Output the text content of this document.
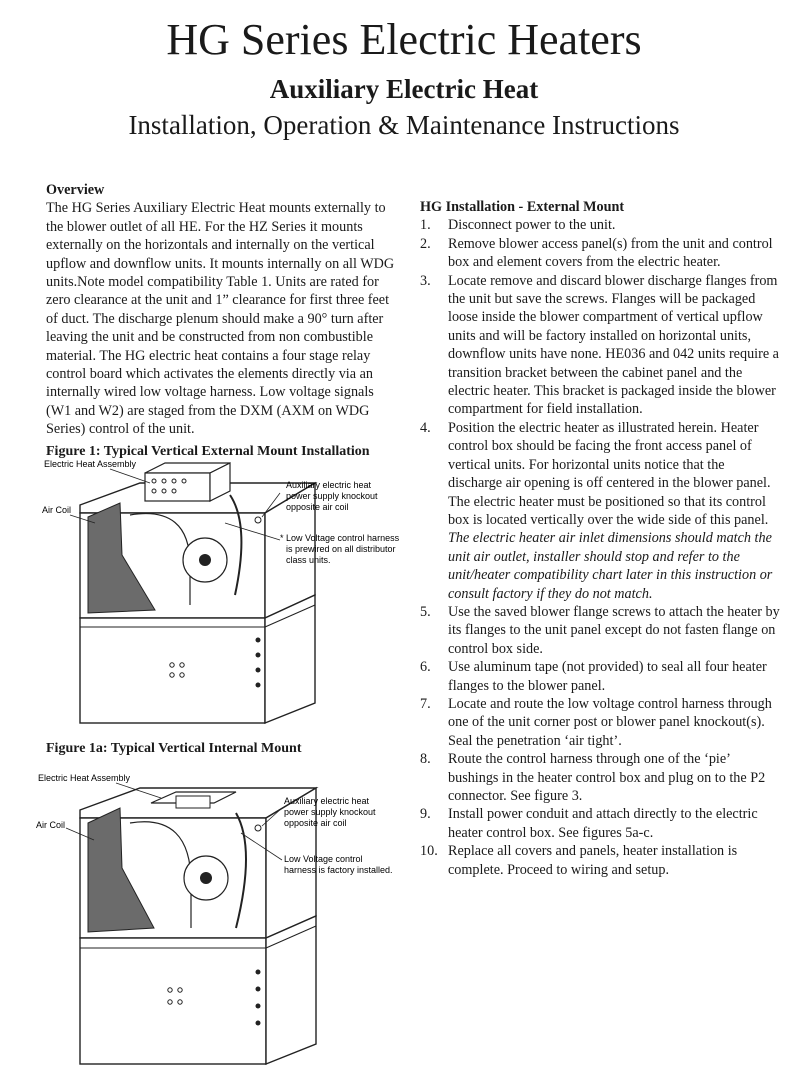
HG Series Electric Heaters
Auxiliary Electric Heat
Installation, Operation & Maintenance Instructions

Overview

The HG Series Auxiliary Electric Heat mounts externally to the blower outlet of all HE. For the HZ Series it mounts externally on the horizontals and internally on the vertical upflow and downflow units. It mounts internally on all WDG units.Note model compatibility Table 1. Units are rated for zero clearance at the unit and 1” clearance for first three feet of duct. The discharge plenum should make a 90° turn after leaving the unit and be constructed from non combustible material. The HG electric heat contains a four stage relay control board which activates the elements directly via an internally wired low voltage harness. Low voltage signals (W1 and W2) are staged from the DXM (AXM on WDG Series) control of the unit.

Figure 1: Typical Vertical External Mount Installation

Electric Heat Assembly
Air Coil
Auxiliary electric heat
power supply knockout
opposite air coil
* Low Voltage control harness
is prewired on all distributor
class units.

Figure 1a: Typical Vertical Internal Mount

Electric Heat Assembly
Air Coil
Auxiliary electric heat
power supply knockout
opposite air coil
Low Voltage control
harness is factory installed.

HG Installation - External Mount

1. Disconnect power to the unit.
2. Remove blower access panel(s) from the unit and control box and element covers from the electric heater.
3. Locate remove and discard blower discharge flanges from the unit but save the screws. Flanges will be packaged loose inside the blower compartment of vertical upflow units and will be factory installed on horizontal units, downflow units have none. HE036 and 042 units require a transition bracket between the cabinet panel and the electric heater. This bracket is packaged inside the blower compartment for field installation.
4. Position the electric heater as illustrated herein. Heater control box should be facing the front access panel of vertical units. For horizontal units notice that the discharge air opening is off centered in the blower panel. The electric heater must be positioned so that its control box is located vertically over the wide side of this panel.
The electric heater air inlet dimensions should match the unit air outlet, installer should stop and refer to the unit/heater compatibility chart later in this instruction or consult factory if they do not match.
5. Use the saved blower flange screws to attach the heater by its flanges to the unit panel except do not fasten flange on control box side.
6. Use aluminum tape (not provided) to seal all four heater flanges to the blower panel.
7. Locate and route the low voltage control harness through one of the unit corner post or blower panel knockout(s). Seal the penetration ‘air tight’.
8. Route the control harness through one of the ‘pie’ bushings in the heater control box and plug on to the P2 connector. See figure 3.
9. Install power conduit and attach directly to the electric heater control box. See figures 5a-c.
10. Replace all covers and panels, heater installation is complete. Proceed to wiring and setup.
